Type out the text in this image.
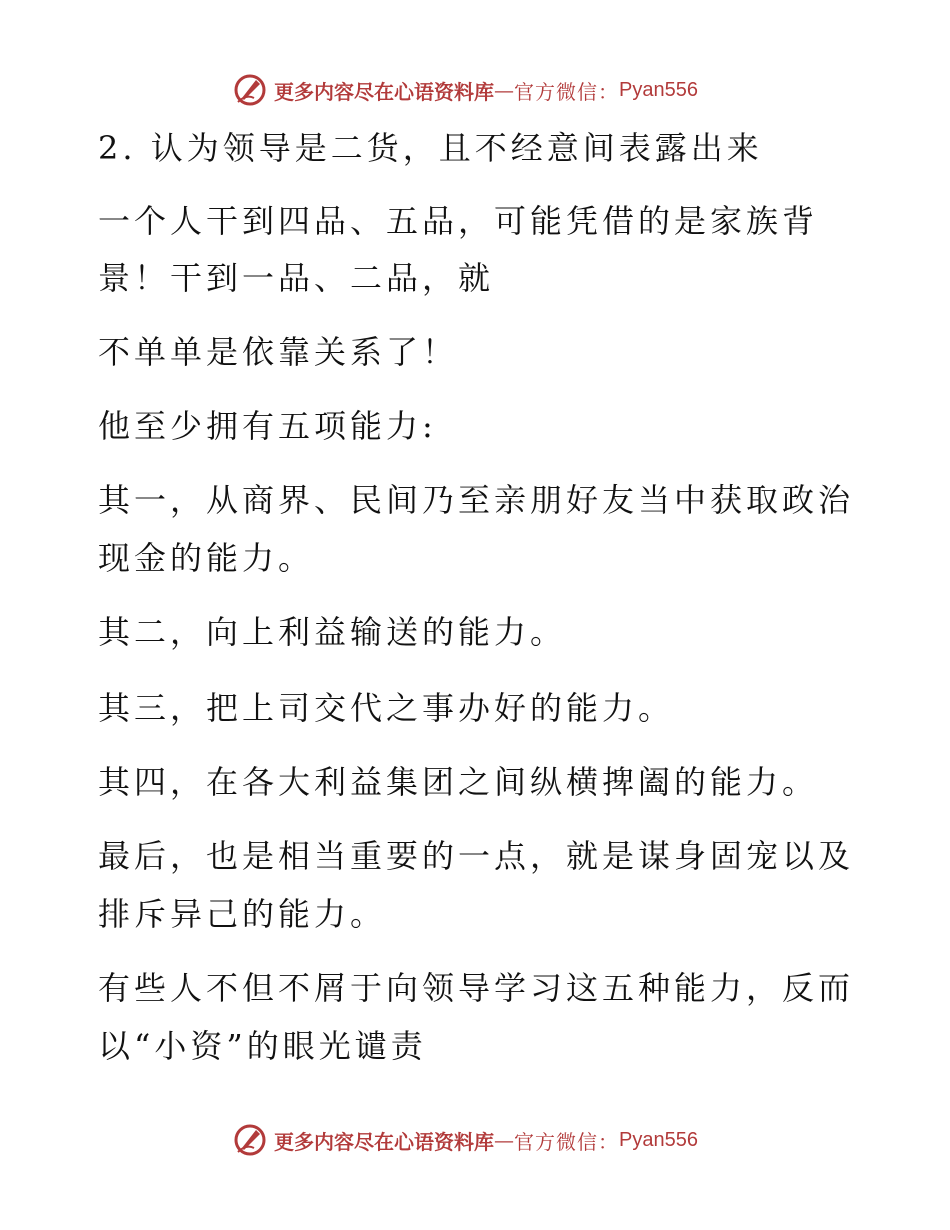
更多内容尽在心语资料库 — 官方微信： Pyan556
2. 认为领导是二货，且不经意间表露出来
一个人干到四品、五品，可能凭借的是家族背
景！干到一品、二品，就
不单单是依靠关系了！
他至少拥有五项能力:
其一，从商界、民间乃至亲朋好友当中获取政治
现金的能力。
其二，向上利益输送的能力。
其三，把上司交代之事办好的能力。
其四，在各大利益集团之间纵横捭阖的能力。
最后，也是相当重要的一点，就是谋身固宠以及
排斥异己的能力。
有些人不但不屑于向领导学习这五种能力，反而
以“小资”的眼光谴责
更多内容尽在心语资料库 — 官方微信： Pyan556
